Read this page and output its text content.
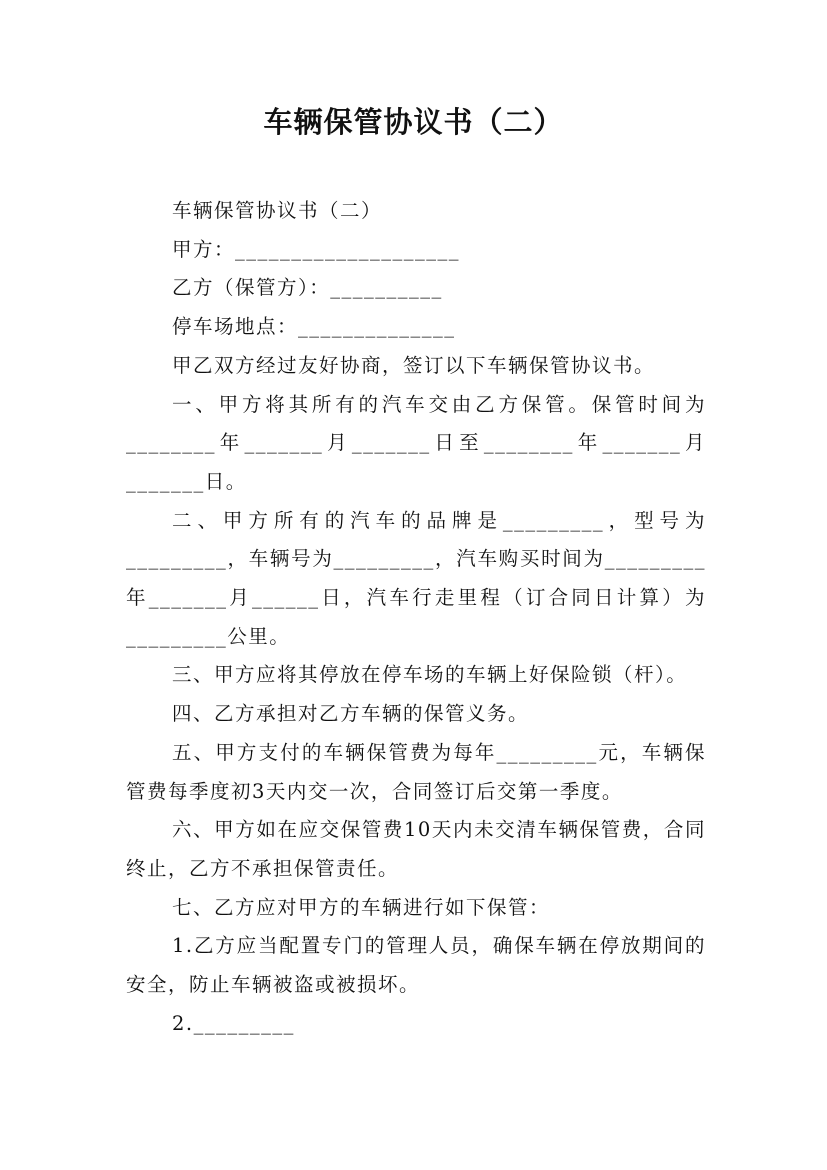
车辆保管协议书（二）

车辆保管协议书（二）

甲方：____________________

乙方（保管方）：__________

停车场地点：______________

甲乙双方经过友好协商，签订以下车辆保管协议书。

一、甲方将其所有的汽车交由乙方保管。保管时间为________年_______月_______日至________年_______月_______日。

二、甲方所有的汽车的品牌是_________，型号为_________，车辆号为_________，汽车购买时间为_________年_______月______日，汽车行走里程（订合同日计算）为_________公里。

三、甲方应将其停放在停车场的车辆上好保险锁（杆）。

四、乙方承担对乙方车辆的保管义务。

五、甲方支付的车辆保管费为每年_________元，车辆保管费每季度初3天内交一次，合同签订后交第一季度。

六、甲方如在应交保管费10天内未交清车辆保管费，合同终止，乙方不承担保管责任。

七、乙方应对甲方的车辆进行如下保管：

1.乙方应当配置专门的管理人员，确保车辆在停放期间的安全，防止车辆被盗或被损坏。

2._________
